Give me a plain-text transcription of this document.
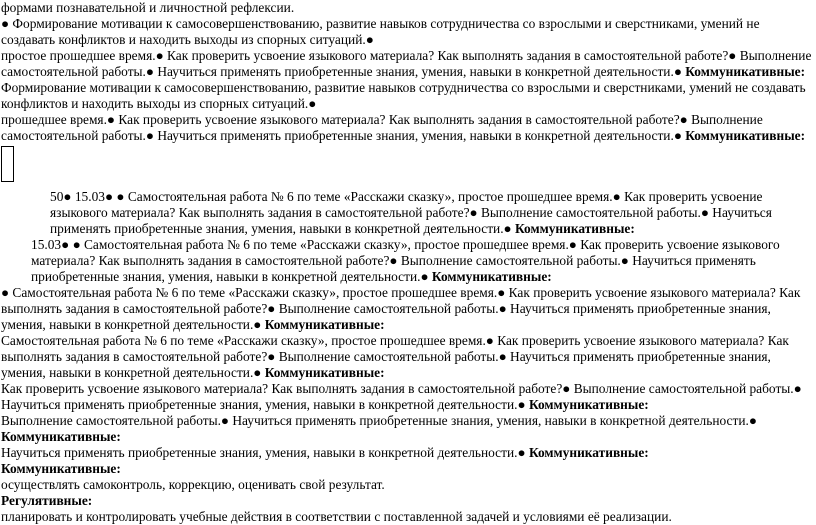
формами познавательной и личностной рефлексии.

● Формирование мотивации к самосовершенствованию, развитие навыков сотрудничества со взрослыми и сверстниками, умений не создавать конфликтов и находить выходы из спорных ситуаций.●

простое прошедшее время.● Как проверить усвоение языкового материала? Как выполнять задания в самостоятельной работе?● Выполнение самостоятельной работы.● Научиться применять приобретенные знания, умения, навыки в конкретной деятельности.● Коммуникативные: Формирование мотивации к самосовершенствованию, развитие навыков сотрудничества со взрослыми и сверстниками, умений не создавать конфликтов и находить выходы из спорных ситуаций.●

прошедшее время.● Как проверить усвоение языкового материала? Как выполнять задания в самостоятельной работе?● Выполнение самостоятельной работы.● Научиться применять приобретенные знания, умения, навыки в конкретной деятельности.● Коммуникативные:

50● 15.03● ● Самостоятельная работа № 6 по теме «Расскажи сказку», простое прошедшее время.● Как проверить усвоение языкового материала? Как выполнять задания в самостоятельной работе?● Выполнение самостоятельной работы.● Научиться применять приобретенные знания, умения, навыки в конкретной деятельности.● Коммуникативные:

15.03● ● Самостоятельная работа № 6 по теме «Расскажи сказку», простое прошедшее время.● Как проверить усвоение языкового материала? Как выполнять задания в самостоятельной работе?● Выполнение самостоятельной работы.● Научиться применять приобретенные знания, умения, навыки в конкретной деятельности.● Коммуникативные:

● Самостоятельная работа № 6 по теме «Расскажи сказку», простое прошедшее время.● Как проверить усвоение языкового материала? Как выполнять задания в самостоятельной работе?● Выполнение самостоятельной работы.● Научиться применять приобретенные знания, умения, навыки в конкретной деятельности.● Коммуникативные:

Самостоятельная работа № 6 по теме «Расскажи сказку», простое прошедшее время.● Как проверить усвоение языкового материала? Как выполнять задания в самостоятельной работе?● Выполнение самостоятельной работы.● Научиться применять приобретенные знания, умения, навыки в конкретной деятельности.● Коммуникативные:

Как проверить усвоение языкового материала? Как выполнять задания в самостоятельной работе?● Выполнение самостоятельной работы.● Научиться применять приобретенные знания, умения, навыки в конкретной деятельности.● Коммуникативные:

Выполнение самостоятельной работы.● Научиться применять приобретенные знания, умения, навыки в конкретной деятельности.● Коммуникативные:

Научиться применять приобретенные знания, умения, навыки в конкретной деятельности.● Коммуникативные:

Коммуникативные:

осуществлять самоконтроль, коррекцию, оценивать свой результат.

Регулятивные:

планировать и контролировать учебные действия в соответствии с поставленной задачей и условиями её реализации.
